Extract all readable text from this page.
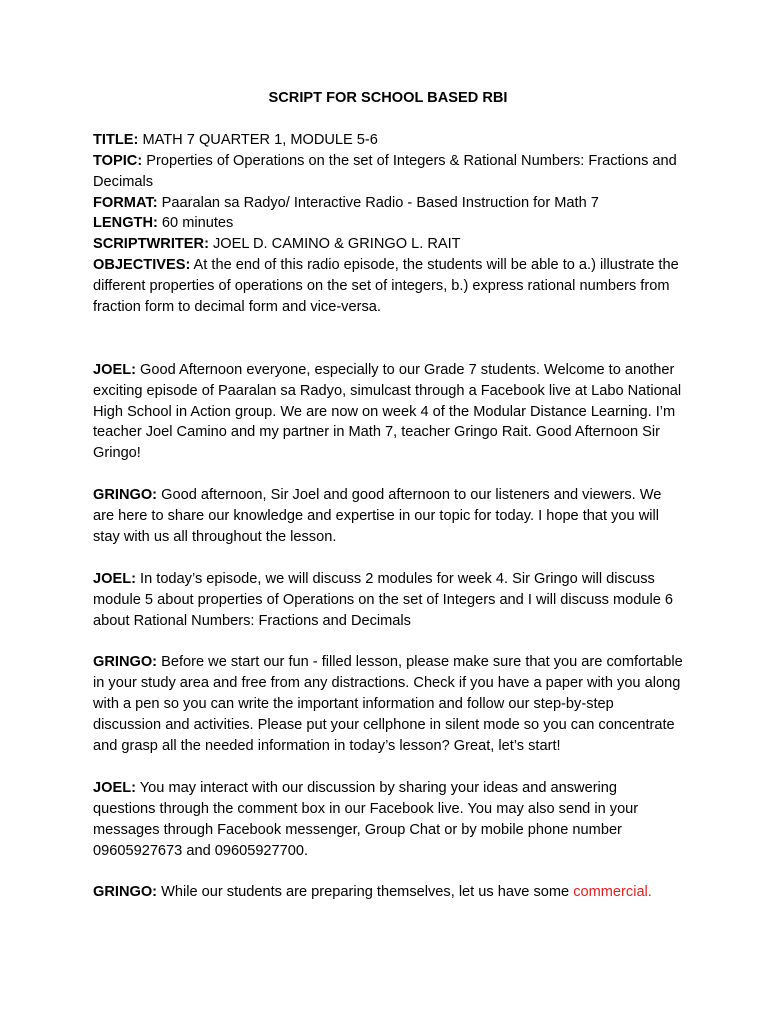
SCRIPT FOR SCHOOL BASED RBI
TITLE: MATH 7 QUARTER 1, MODULE 5-6
TOPIC: Properties of Operations on the set of Integers & Rational Numbers: Fractions and Decimals
FORMAT: Paaralan sa Radyo/ Interactive Radio - Based Instruction for Math 7
LENGTH: 60 minutes
SCRIPTWRITER: JOEL D. CAMINO & GRINGO L. RAIT
OBJECTIVES: At the end of this radio episode, the students will be able to a.) illustrate the different properties of operations on the set of integers, b.) express rational numbers from fraction form to decimal form and vice-versa.
JOEL: Good Afternoon everyone, especially to our Grade 7 students. Welcome to another exciting episode of Paaralan sa Radyo, simulcast through a Facebook live at Labo National High School in Action group. We are now on week 4 of the Modular Distance Learning. I’m teacher Joel Camino and my partner in Math 7, teacher Gringo Rait. Good Afternoon Sir Gringo!
GRINGO: Good afternoon, Sir Joel and good afternoon to our listeners and viewers. We are here to share our knowledge and expertise in our topic for today. I hope that you will stay with us all throughout the lesson.
JOEL: In today’s episode, we will discuss 2 modules for week 4. Sir Gringo will discuss module 5 about properties of Operations on the set of Integers and I will discuss module 6 about Rational Numbers: Fractions and Decimals
GRINGO: Before we start our fun - filled lesson, please make sure that you are comfortable in your study area and free from any distractions. Check if you have a paper with you along with a pen so you can write the important information and follow our step-by-step discussion and activities. Please put your cellphone in silent mode so you can concentrate and grasp all the needed information in today’s lesson? Great, let’s start!
JOEL: You may interact with our discussion by sharing your ideas and answering questions through the comment box in our Facebook live. You may also send in your messages through Facebook messenger, Group Chat or by mobile phone number 09605927673 and 09605927700.
GRINGO: While our students are preparing themselves, let us have some commercial.
